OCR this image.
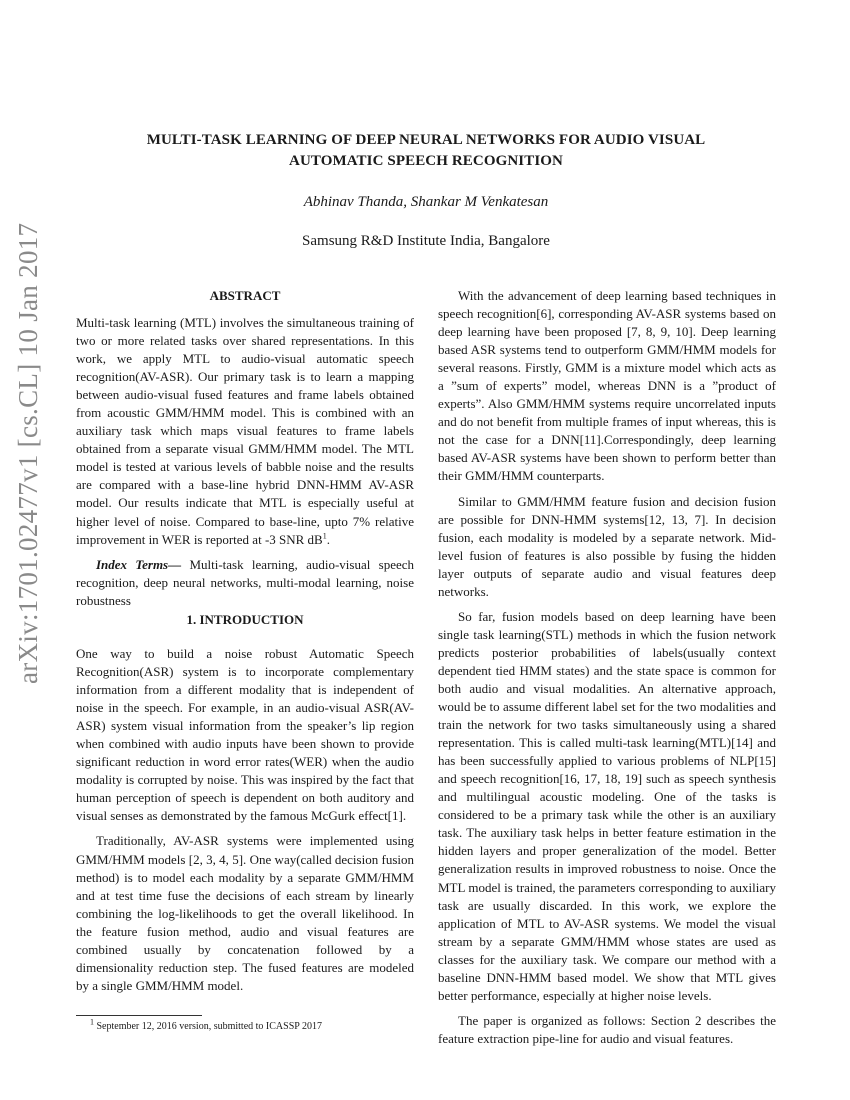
arXiv:1701.02477v1 [cs.CL] 10 Jan 2017
MULTI-TASK LEARNING OF DEEP NEURAL NETWORKS FOR AUDIO VISUAL
AUTOMATIC SPEECH RECOGNITION
Abhinav Thanda, Shankar M Venkatesan
Samsung R&D Institute India, Bangalore
ABSTRACT

Multi-task learning (MTL) involves the simultaneous training of two or more related tasks over shared representations. In this work, we apply MTL to audio-visual automatic speech recognition(AV-ASR). Our primary task is to learn a mapping between audio-visual fused features and frame labels obtained from acoustic GMM/HMM model. This is combined with an auxiliary task which maps visual features to frame labels obtained from a separate visual GMM/HMM model. The MTL model is tested at various levels of babble noise and the results are compared with a base-line hybrid DNN-HMM AV-ASR model. Our results indicate that MTL is especially useful at higher level of noise. Compared to base-line, upto 7% relative improvement in WER is reported at -3 SNR $dB^1$.

Index Terms— Multi-task learning, audio-visual speech recognition, deep neural networks, multi-modal learning, noise robustness

1. INTRODUCTION

One way to build a noise robust Automatic Speech Recognition(ASR) system is to incorporate complementary information from a different modality that is independent of noise in the speech. For example, in an audio-visual ASR(AV-ASR) system visual information from the speaker’s lip region when combined with audio inputs have been shown to provide significant reduction in word error rates(WER) when the audio modality is corrupted by noise. This was inspired by the fact that human perception of speech is dependent on both auditory and visual senses as demonstrated by the famous McGurk effect[1].

Traditionally, AV-ASR systems were implemented using GMM/HMM models [2, 3, 4, 5]. One way(called decision fusion method) is to model each modality by a separate GMM/HMM and at test time fuse the decisions of each stream by linearly combining the log-likelihoods to get the overall likelihood. In the feature fusion method, audio and visual features are combined usually by concatenation followed by a dimensionality reduction step. The fused features are modeled by a single GMM/HMM model.

$^1$ September 12, 2016 version, submitted to ICASSP 2017

With the advancement of deep learning based techniques in speech recognition[6], corresponding AV-ASR systems based on deep learning have been proposed [7, 8, 9, 10]. Deep learning based ASR systems tend to outperform GMM/HMM models for several reasons. Firstly, GMM is a mixture model which acts as a ”sum of experts” model, whereas DNN is a ”product of experts”. Also GMM/HMM systems require uncorrelated inputs and do not benefit from multiple frames of input whereas, this is not the case for a DNN[11].Correspondingly, deep learning based AV-ASR systems have been shown to perform better than their GMM/HMM counterparts.

Similar to GMM/HMM feature fusion and decision fusion are possible for DNN-HMM systems[12, 13, 7]. In decision fusion, each modality is modeled by a separate network. Mid-level fusion of features is also possible by fusing the hidden layer outputs of separate audio and visual features deep networks.

So far, fusion models based on deep learning have been single task learning(STL) methods in which the fusion network predicts posterior probabilities of labels(usually context dependent tied HMM states) and the state space is common for both audio and visual modalities. An alternative approach, would be to assume different label set for the two modalities and train the network for two tasks simultaneously using a shared representation. This is called multi-task learning(MTL)[14] and has been successfully applied to various problems of NLP[15] and speech recognition[16, 17, 18, 19] such as speech synthesis and multilingual acoustic modeling. One of the tasks is considered to be a primary task while the other is an auxiliary task. The auxiliary task helps in better feature estimation in the hidden layers and proper generalization of the model. Better generalization results in improved robustness to noise. Once the MTL model is trained, the parameters corresponding to auxiliary task are usually discarded. In this work, we explore the application of MTL to AV-ASR systems. We model the visual stream by a separate GMM/HMM whose states are used as classes for the auxiliary task. We compare our method with a baseline DNN-HMM based model. We show that MTL gives better performance, especially at higher noise levels.

The paper is organized as follows: Section 2 describes the feature extraction pipe-line for audio and visual features.
